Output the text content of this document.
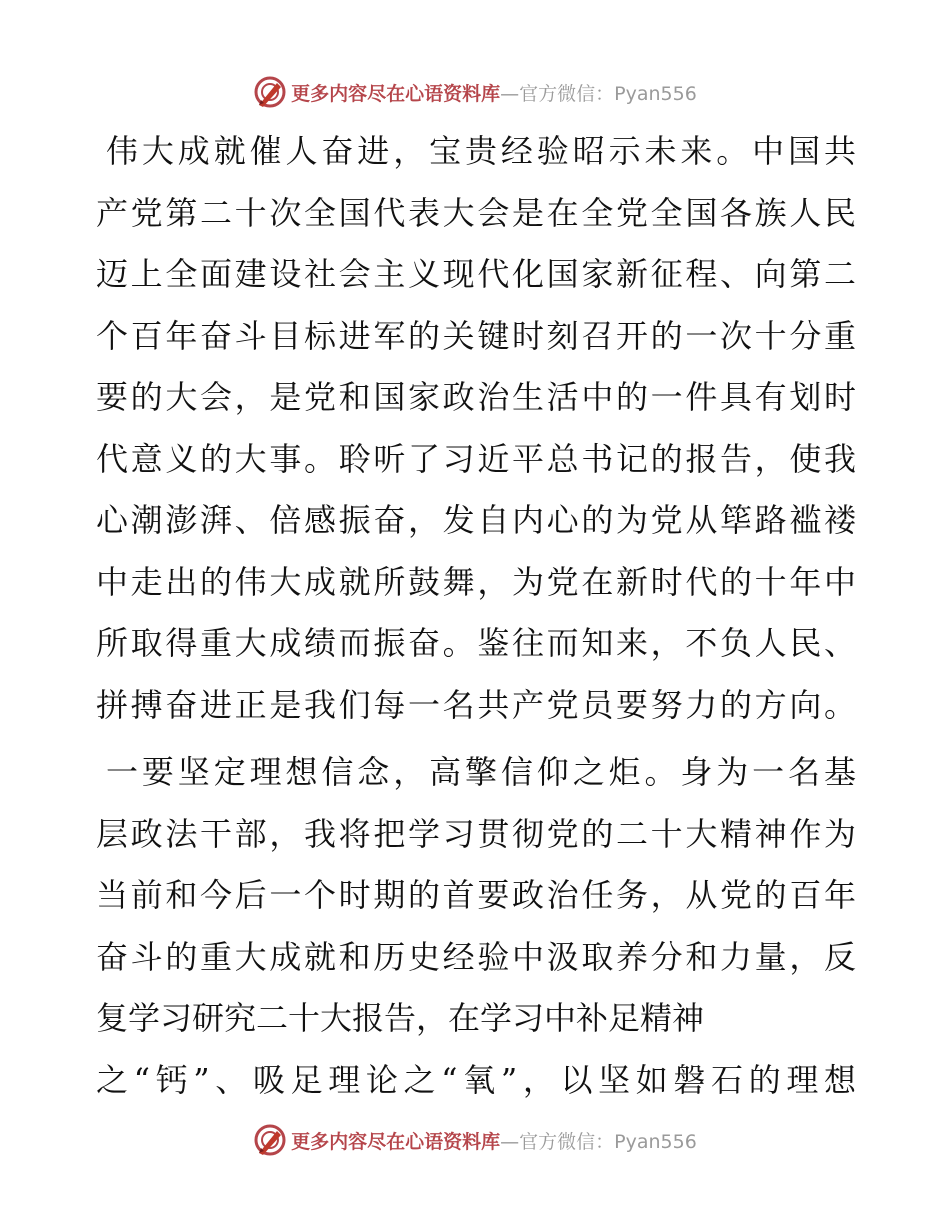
更多内容尽在心语资料库—官方微信：Pyan556
伟大成就催人奋进，宝贵经验昭示未来。中国共
产党第二十次全国代表大会是在全党全国各族人民
迈上全面建设社会主义现代化国家新征程、向第二
个百年奋斗目标进军的关键时刻召开的一次十分重
要的大会，是党和国家政治生活中的一件具有划时
代意义的大事。聆听了习近平总书记的报告，使我
心潮澎湃、倍感振奋，发自内心的为党从筚路褴褛
中走出的伟大成就所鼓舞，为党在新时代的十年中
所取得重大成绩而振奋。鉴往而知来，不负人民、
拼搏奋进正是我们每一名共产党员要努力的方向。
一要坚定理想信念，高擎信仰之炬。身为一名基
层政法干部，我将把学习贯彻党的二十大精神作为
当前和今后一个时期的首要政治任务，从党的百年
奋斗的重大成就和历史经验中汲取养分和力量，反
复学习研究二十大报告，在学习中补足精神
之“钙”、吸足理论之“氧”，以坚如磐石的理想
更多内容尽在心语资料库—官方微信：Pyan556
